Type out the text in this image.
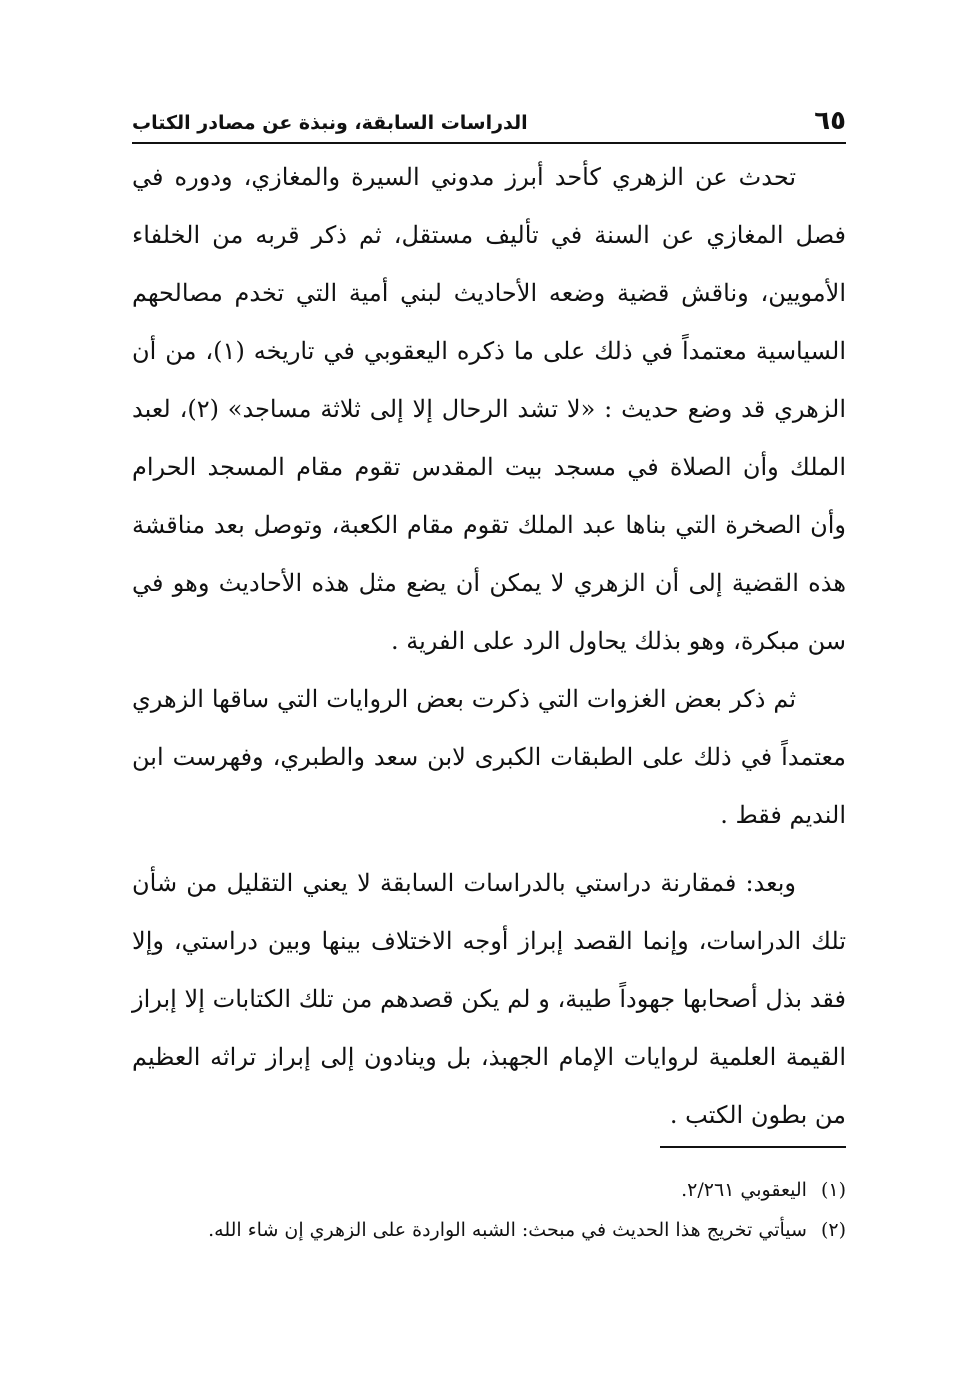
٦٥
الدراسات السابقة، ونبذة عن مصادر الكتاب

تحدث عن الزهري كأحد أبرز مدوني السيرة والمغازي، ودوره في فصل المغازي عن السنة في تأليف مستقل، ثم ذكر قربه من الخلفاء الأمويين، وناقش قضية وضعه الأحاديث لبني أمية التي تخدم مصالحهم السياسية معتمداً في ذلك على ما ذكره اليعقوبي في تاريخه (١)، من أن الزهري قد وضع حديث : «لا تشد الرحال إلا إلى ثلاثة مساجد» (٢)، لعبد الملك وأن الصلاة في مسجد بيت المقدس تقوم مقام المسجد الحرام وأن الصخرة التي بناها عبد الملك تقوم مقام الكعبة، وتوصل بعد مناقشة هذه القضية إلى أن الزهري لا يمكن أن يضع مثل هذه الأحاديث وهو في سن مبكرة، وهو بذلك يحاول الرد على الفرية .

ثم ذكر بعض الغزوات التي ذكرت بعض الروايات التي ساقها الزهري معتمداً في ذلك على الطبقات الكبرى لابن سعد والطبري، وفهرست ابن النديم فقط .

وبعد: فمقارنة دراستي بالدراسات السابقة لا يعني التقليل من شأن تلك الدراسات، وإنما القصد إبراز أوجه الاختلاف بينها وبين دراستي، وإلا فقد بذل أصحابها جهوداً طيبة، و لم يكن قصدهم من تلك الكتابات إلا إبراز القيمة العلمية لروايات الإمام الجهبذ، بل وينادون إلى إبراز تراثه العظيم من بطون الكتب .

(١)اليعقوبي ٢/٢٦١.
(٢)سيأتي تخريج هذا الحديث في مبحث: الشبه الواردة على الزهري إن شاء الله.
